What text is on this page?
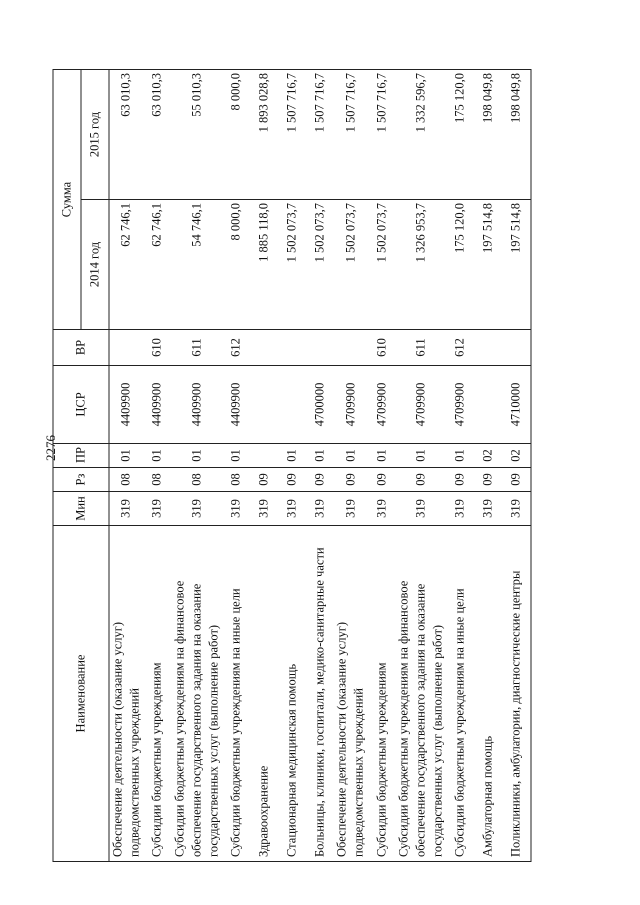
2276
Наименование	Мин	Рз	ПР	ЦСР	ВР	Сумма	
						2014 год	2015 год
Обеспечение деятельности (оказание услуг) подведомственных учреждений	319	08	01	4409900		62 746,1	63 010,3
Субсидии бюджетным учреждениям	319	08	01	4409900	610	62 746,1	63 010,3
Субсидии бюджетным учреждениям на финансовое обеспечение государственного задания на оказание государственных услуг (выполнение работ)	319	08	01	4409900	611	54 746,1	55 010,3
Субсидии бюджетным учреждениям на иные цели	319	08	01	4409900	612	8 000,0	8 000,0
Здравоохранение	319	09				1 885 118,0	1 893 028,8
Стационарная медицинская помощь	319	09	01			1 502 073,7	1 507 716,7
Больницы, клиники, госпитали, медико-санитарные части	319	09	01	4700000		1 502 073,7	1 507 716,7
Обеспечение деятельности (оказание услуг) подведомственных учреждений	319	09	01	4709900		1 502 073,7	1 507 716,7
Субсидии бюджетным учреждениям	319	09	01	4709900	610	1 502 073,7	1 507 716,7
Субсидии бюджетным учреждениям на финансовое обеспечение государственного задания на оказание государственных услуг (выполнение работ)	319	09	01	4709900	611	1 326 953,7	1 332 596,7
Субсидии бюджетным учреждениям на иные цели	319	09	01	4709900	612	175 120,0	175 120,0
Амбулаторная помощь	319	09	02			197 514,8	198 049,8
Поликлиники, амбулатории, диагностические центры	319	09	02	4710000		197 514,8	198 049,8
